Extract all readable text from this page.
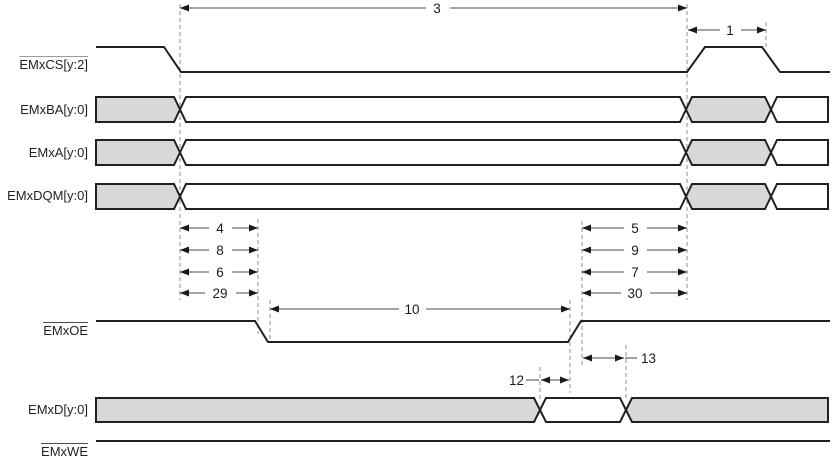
3
1
4
8
6
29
5
9
7
30
10
12
13
EMxCS[y:2]
EMxBA[y:0]
EMxA[y:0]
EMxDQM[y:0]
EMxOE
EMxD[y:0]
EMxWE
